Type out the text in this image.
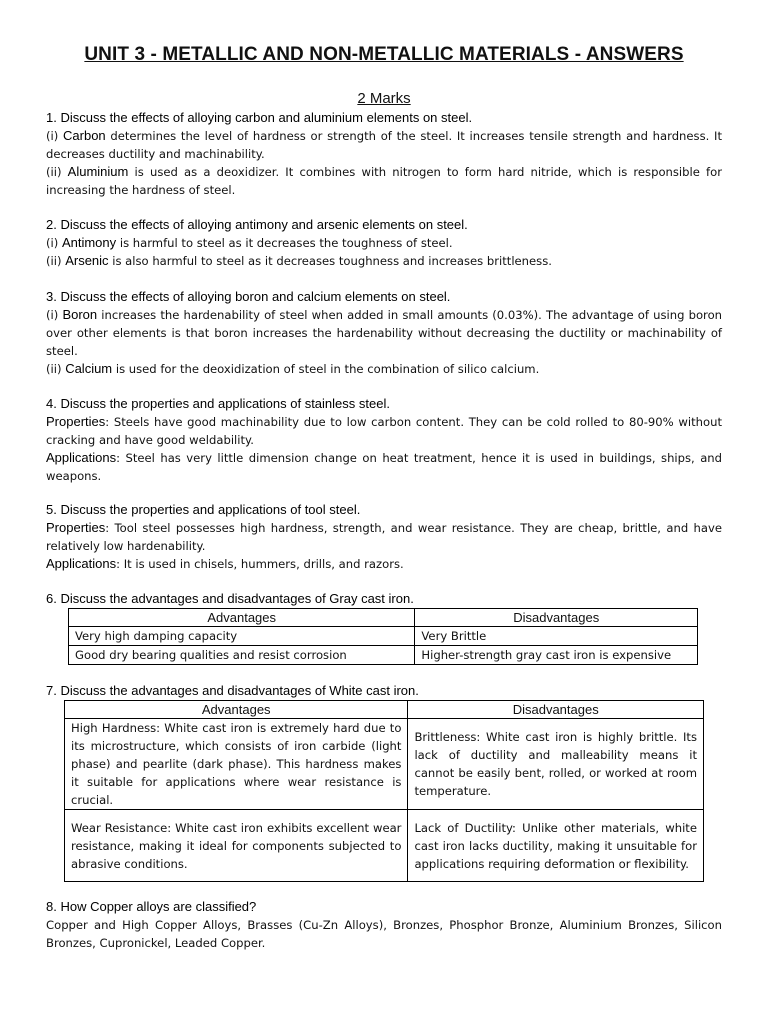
UNIT 3 - METALLIC AND NON-METALLIC MATERIALS - ANSWERS
2 Marks
1. Discuss the effects of alloying carbon and aluminium elements on steel.
(i) Carbon determines the level of hardness or strength of the steel. It increases tensile strength and hardness. It decreases ductility and machinability.
(ii) Aluminium is used as a deoxidizer. It combines with nitrogen to form hard nitride, which is responsible for increasing the hardness of steel.
2. Discuss the effects of alloying antimony and arsenic elements on steel.
(i) Antimony is harmful to steel as it decreases the toughness of steel.
(ii) Arsenic is also harmful to steel as it decreases toughness and increases brittleness.
3. Discuss the effects of alloying boron and calcium elements on steel.
(i) Boron increases the hardenability of steel when added in small amounts (0.03%). The advantage of using boron over other elements is that boron increases the hardenability without decreasing the ductility or machinability of steel.
(ii) Calcium is used for the deoxidization of steel in the combination of silico calcium.
4. Discuss the properties and applications of stainless steel.
Properties: Steels have good machinability due to low carbon content. They can be cold rolled to 80-90% without cracking and have good weldability.
Applications: Steel has very little dimension change on heat treatment, hence it is used in buildings, ships, and weapons.
5. Discuss the properties and applications of tool steel.
Properties: Tool steel possesses high hardness, strength, and wear resistance. They are cheap, brittle, and have relatively low hardenability.
Applications: It is used in chisels, hummers, drills, and razors.
6. Discuss the advantages and disadvantages of Gray cast iron.
Advantages	Disadvantages
Very high damping capacity	Very Brittle
Good dry bearing qualities and resist corrosion	Higher-strength gray cast iron is expensive
7. Discuss the advantages and disadvantages of White cast iron.
Advantages	Disadvantages
High Hardness: White cast iron is extremely hard due to its microstructure, which consists of iron carbide (light phase) and pearlite (dark phase). This hardness makes it suitable for applications where wear resistance is crucial.	Brittleness: White cast iron is highly brittle. Its lack of ductility and malleability means it cannot be easily bent, rolled, or worked at room temperature.
Wear Resistance: White cast iron exhibits excellent wear resistance, making it ideal for components subjected to abrasive conditions.	Lack of Ductility: Unlike other materials, white cast iron lacks ductility, making it unsuitable for applications requiring deformation or flexibility.
8. How Copper alloys are classified?
Copper and High Copper Alloys, Brasses (Cu-Zn Alloys), Bronzes, Phosphor Bronze, Aluminium Bronzes, Silicon Bronzes, Cupronickel, Leaded Copper.
